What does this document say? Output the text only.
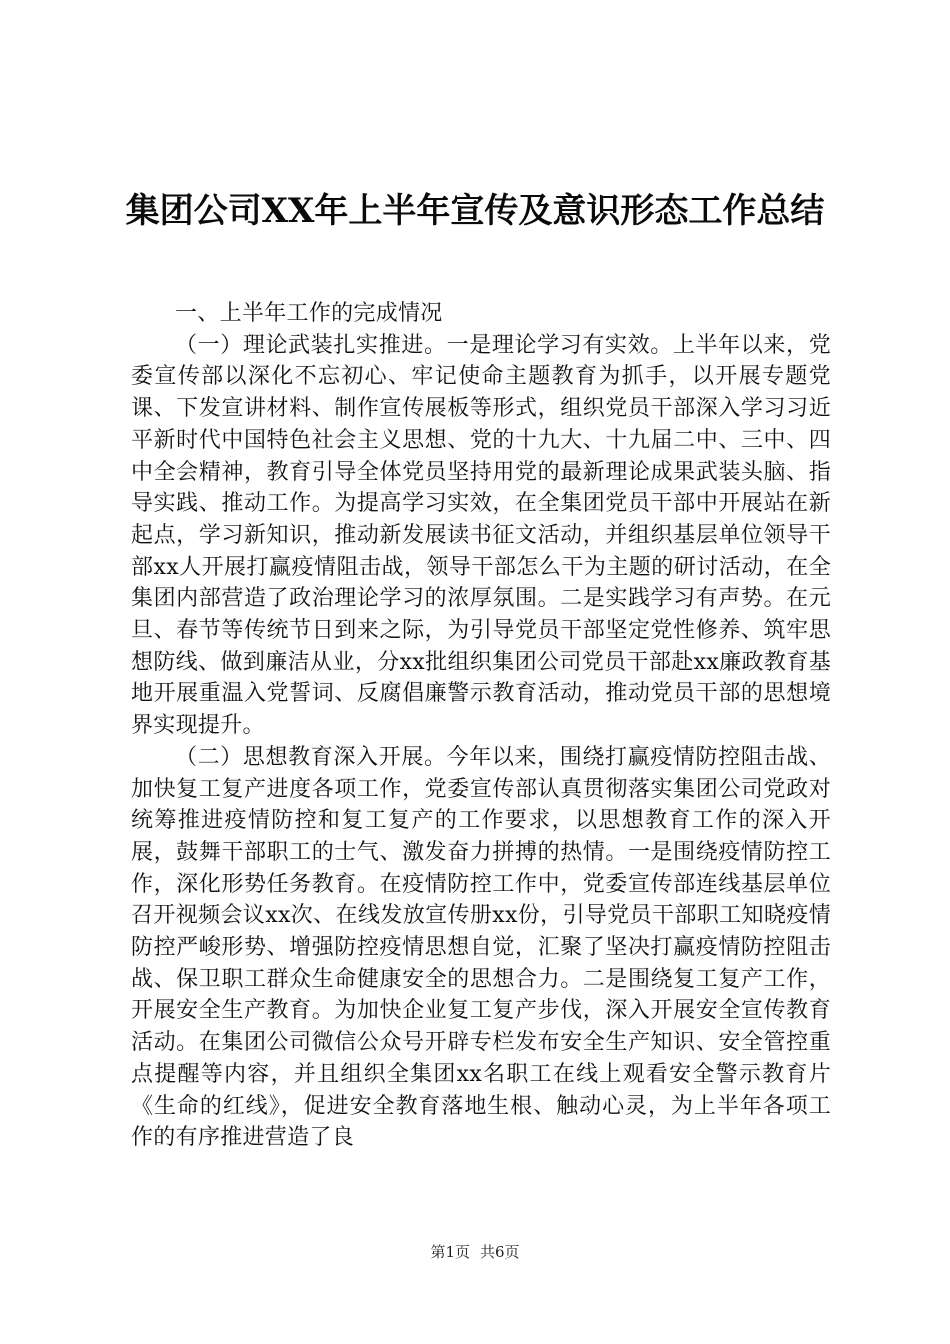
集团公司XX年上半年宣传及意识形态工作总结

一、上半年工作的完成情况

（一）理论武装扎实推进。一是理论学习有实效。上半年以来，党委宣传部以深化不忘初心、牢记使命主题教育为抓手，以开展专题党课、下发宣讲材料、制作宣传展板等形式，组织党员干部深入学习习近平新时代中国特色社会主义思想、党的十九大、十九届二中、三中、四中全会精神，教育引导全体党员坚持用党的最新理论成果武装头脑、指导实践、推动工作。为提高学习实效，在全集团党员干部中开展站在新起点，学习新知识，推动新发展读书征文活动，并组织基层单位领导干部xx人开展打赢疫情阻击战，领导干部怎么干为主题的研讨活动，在全集团内部营造了政治理论学习的浓厚氛围。二是实践学习有声势。在元旦、春节等传统节日到来之际，为引导党员干部坚定党性修养、筑牢思想防线、做到廉洁从业，分xx批组织集团公司党员干部赴xx廉政教育基地开展重温入党誓词、反腐倡廉警示教育活动，推动党员干部的思想境界实现提升。

（二）思想教育深入开展。今年以来，围绕打赢疫情防控阻击战、加快复工复产进度各项工作，党委宣传部认真贯彻落实集团公司党政对统筹推进疫情防控和复工复产的工作要求，以思想教育工作的深入开展，鼓舞干部职工的士气、激发奋力拼搏的热情。一是围绕疫情防控工作，深化形势任务教育。在疫情防控工作中，党委宣传部连线基层单位召开视频会议xx次、在线发放宣传册xx份，引导党员干部职工知晓疫情防控严峻形势、增强防控疫情思想自觉，汇聚了坚决打赢疫情防控阻击战、保卫职工群众生命健康安全的思想合力。二是围绕复工复产工作，开展安全生产教育。为加快企业复工复产步伐，深入开展安全宣传教育活动。在集团公司微信公众号开辟专栏发布安全生产知识、安全管控重点提醒等内容，并且组织全集团xx名职工在线上观看安全警示教育片《生命的红线》，促进安全教育落地生根、触动心灵，为上半年各项工作的有序推进营造了良

第1页 共6页
